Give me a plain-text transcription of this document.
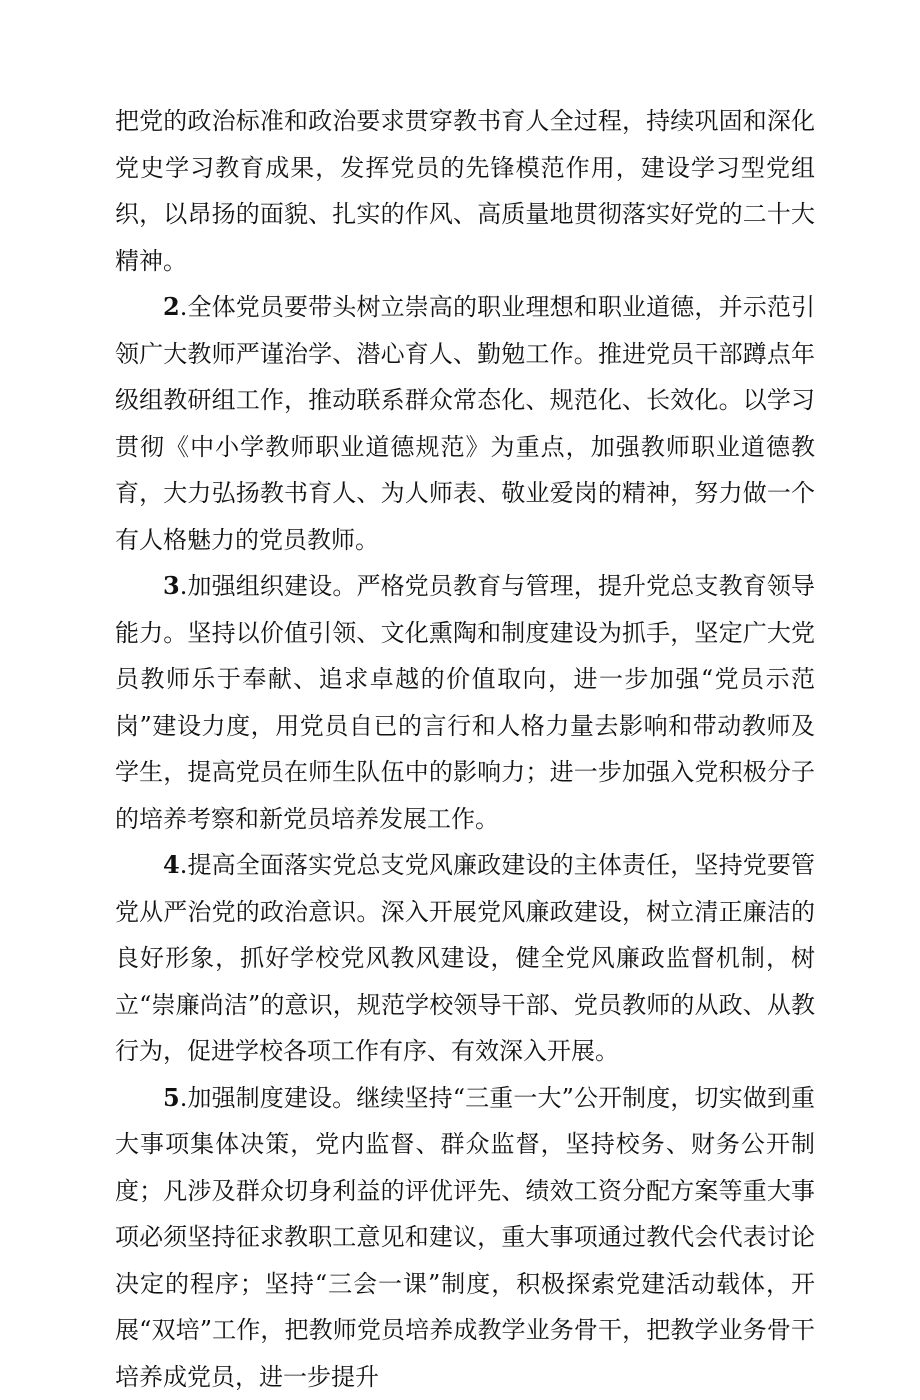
把党的政治标准和政治要求贯穿教书育人全过程，持续巩固和深化党史学习教育成果，发挥党员的先锋模范作用，建设学习型党组织，以昂扬的面貌、扎实的作风、高质量地贯彻落实好党的二十大精神。

2.全体党员要带头树立崇高的职业理想和职业道德，并示范引领广大教师严谨治学、潜心育人、勤勉工作。推进党员干部蹲点年级组教研组工作，推动联系群众常态化、规范化、长效化。以学习贯彻《中小学教师职业道德规范》为重点，加强教师职业道德教育，大力弘扬教书育人、为人师表、敬业爱岗的精神，努力做一个有人格魅力的党员教师。

3.加强组织建设。严格党员教育与管理，提升党总支教育领导能力。坚持以价值引领、文化熏陶和制度建设为抓手，坚定广大党员教师乐于奉献、追求卓越的价值取向，进一步加强“党员示范岗”建设力度，用党员自已的言行和人格力量去影响和带动教师及学生，提高党员在师生队伍中的影响力；进一步加强入党积极分子的培养考察和新党员培养发展工作。

4.提高全面落实党总支党风廉政建设的主体责任，坚持党要管党从严治党的政治意识。深入开展党风廉政建设，树立清正廉洁的良好形象，抓好学校党风教风建设，健全党风廉政监督机制，树立“崇廉尚洁”的意识，规范学校领导干部、党员教师的从政、从教行为，促进学校各项工作有序、有效深入开展。

5.加强制度建设。继续坚持“三重一大”公开制度，切实做到重大事项集体决策，党内监督、群众监督，坚持校务、财务公开制度；凡涉及群众切身利益的评优评先、绩效工资分配方案等重大事项必须坚持征求教职工意见和建议，重大事项通过教代会代表讨论决定的程序；坚持“三会一课”制度，积极探索党建活动载体，开展“双培”工作，把教师党员培养成教学业务骨干，把教学业务骨干培养成党员，进一步提升
